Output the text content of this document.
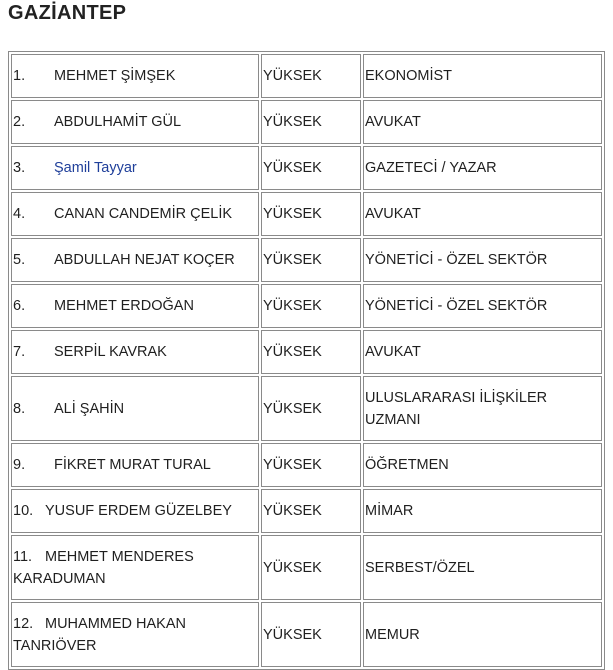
GAZİANTEP
1. MEHMET ŞİMŞEK	YÜKSEK	EKONOMİST
2. ABDULHAMİT GÜL	YÜKSEK	AVUKAT
3. Şamil Tayyar	YÜKSEK	GAZETECİ / YAZAR
4. CANAN CANDEMİR ÇELİK	YÜKSEK	AVUKAT
5. ABDULLAH NEJAT KOÇER	YÜKSEK	YÖNETİCİ - ÖZEL SEKTÖR
6. MEHMET ERDOĞAN	YÜKSEK	YÖNETİCİ - ÖZEL SEKTÖR
7. SERPİL KAVRAK	YÜKSEK	AVUKAT
8. ALİ ŞAHİN	YÜKSEK	ULUSLARARASI İLİŞKİLER UZMANI
9. FİKRET MURAT TURAL	YÜKSEK	ÖĞRETMEN
10. YUSUF ERDEM GÜZELBEY	YÜKSEK	MİMAR
11. MEHMET MENDERES KARADUMAN	YÜKSEK	SERBEST/ÖZEL
12. MUHAMMED HAKAN TANRIÖVER	YÜKSEK	MEMUR
